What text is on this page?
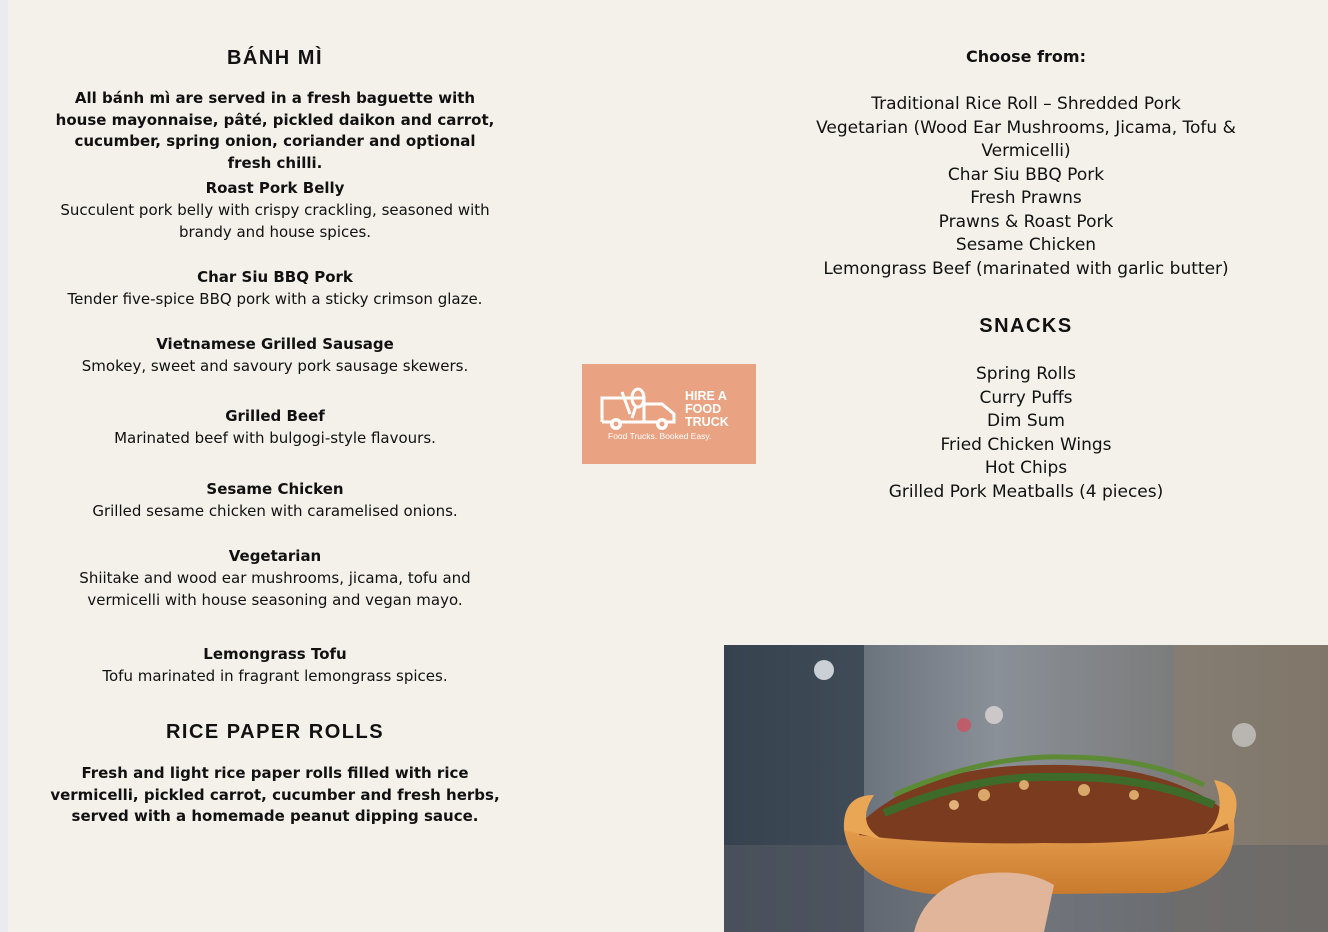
BÁNH MÌ

All bánh mì are served in a fresh baguette with house mayonnaise, pâté, pickled daikon and carrot, cucumber, spring onion, coriander and optional fresh chilli.

Roast Pork Belly
Succulent pork belly with crispy crackling, seasoned with brandy and house spices.
Char Siu BBQ Pork
Tender five-spice BBQ pork with a sticky crimson glaze.
Vietnamese Grilled Sausage
Smokey, sweet and savoury pork sausage skewers.
Grilled Beef
Marinated beef with bulgogi-style flavours.
Sesame Chicken
Grilled sesame chicken with caramelised onions.
Vegetarian
Shiitake and wood ear mushrooms, jicama, tofu and vermicelli with house seasoning and vegan mayo.
Lemongrass Tofu
Tofu marinated in fragrant lemongrass spices.
RICE PAPER ROLLS

Fresh and light rice paper rolls filled with rice vermicelli, pickled carrot, cucumber and fresh herbs, served with a homemade peanut dipping sauce.

HIRE A
FOOD
TRUCK
Food Trucks. Booked Easy.
Choose from:
Traditional Rice Roll – Shredded Pork
Vegetarian (Wood Ear Mushrooms, Jicama, Tofu & Vermicelli)
Char Siu BBQ Pork
Fresh Prawns
Prawns & Roast Pork
Sesame Chicken
Lemongrass Beef (marinated with garlic butter)
SNACKS
Spring Rolls
Curry Puffs
Dim Sum
Fried Chicken Wings
Hot Chips
Grilled Pork Meatballs (4 pieces)
